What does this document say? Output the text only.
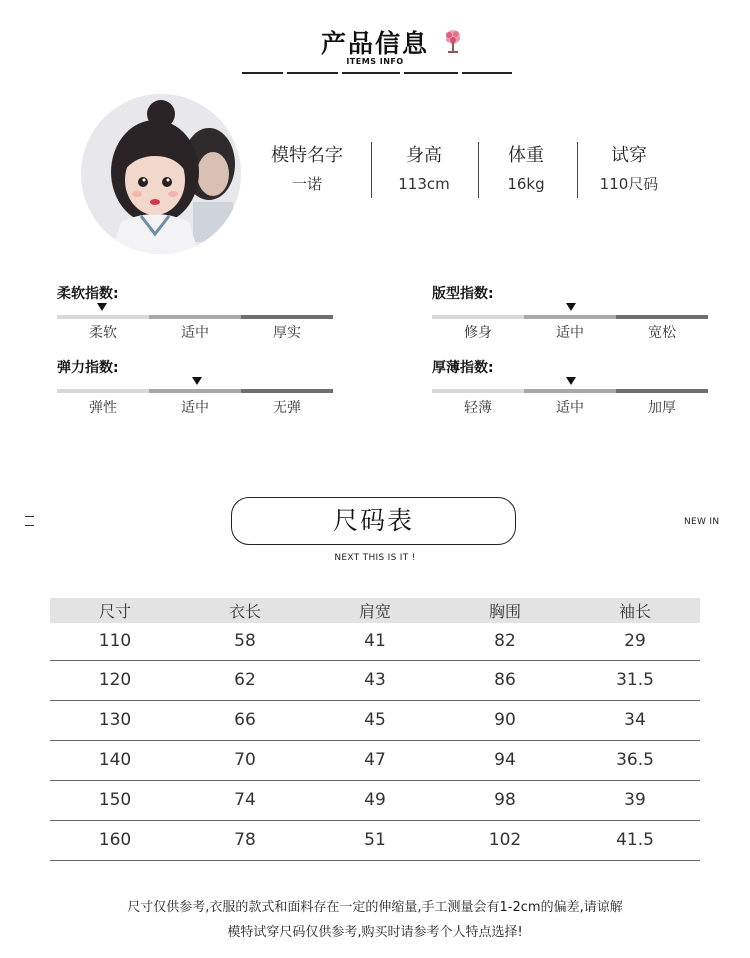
产品信息
ITEMS INFO
模特名字
一诺
身高
113cm
体重
16kg
试穿
110尺码
柔软指数:
柔软	适中	厚实
版型指数:
修身	适中	宽松
弹力指数:
弹性	适中	无弹
厚薄指数:
轻薄	适中	加厚
NEW IN
尺码表
NEXT THIS IS IT !
尺寸	衣长	肩宽	胸围	袖长
110	58	41	82	29
120	62	43	86	31.5
130	66	45	90	34
140	70	47	94	36.5
150	74	49	98	39
160	78	51	102	41.5
尺寸仅供参考,衣服的款式和面料存在一定的伸缩量,手工测量会有1-2cm的偏差,请谅解
模特试穿尺码仅供参考,购买时请参考个人特点选择!
